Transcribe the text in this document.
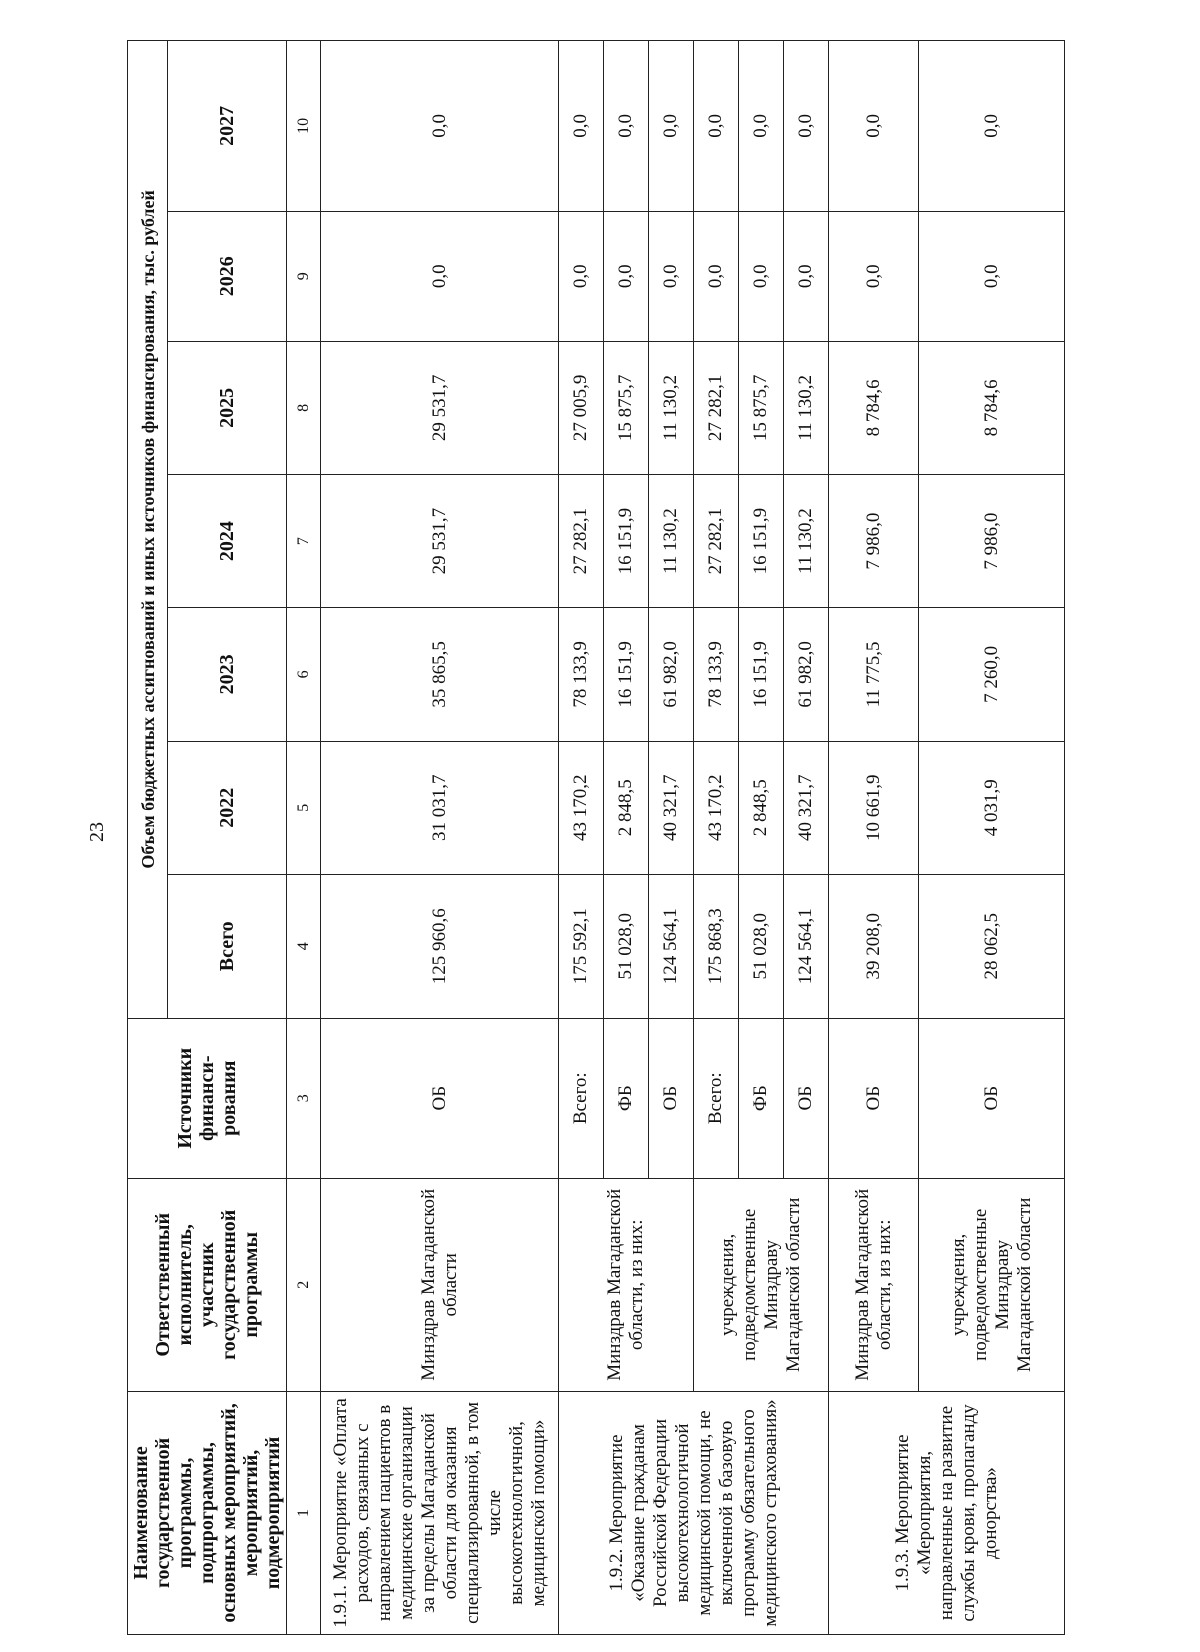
23
Наименование государственной программы, подпрограммы, основных мероприятий, мероприятий, подмероприятий	Ответственный исполнитель, участник государственной программы	Источники финанси-рования	Объем бюджетных ассигнований и иных источников финансирования, тыс. рублей						
			Всего	2022	2023	2024	2025	2026	2027
1	2	3	4	5	6	7	8	9	10
1.9.1. Мероприятие «Оплата расходов, связанных с направлением пациентов в медицинские организации за пределы Магаданской области для оказания специализированной, в том числе высокотехнологичной, медицинской помощи»	Минздрав Магаданской области	ОБ	125 960,6	31 031,7	35 865,5	29 531,7	29 531,7	0,0	0,0
1.9.2. Мероприятие «Оказание гражданам Российской Федерации высокотехнологичной медицинской помощи, не включенной в базовую программу обязательного медицинского страхования»	Минздрав Магаданской области, из них:	Всего:	175 592,1	43 170,2	78 133,9	27 282,1	27 005,9	0,0	0,0
		ФБ	51 028,0	2 848,5	16 151,9	16 151,9	15 875,7	0,0	0,0
		ОБ	124 564,1	40 321,7	61 982,0	11 130,2	11 130,2	0,0	0,0
	учреждения, подведомственные Минздраву Магаданской области	Всего:	175 868,3	43 170,2	78 133,9	27 282,1	27 282,1	0,0	0,0
		ФБ	51 028,0	2 848,5	16 151,9	16 151,9	15 875,7	0,0	0,0
		ОБ	124 564,1	40 321,7	61 982,0	11 130,2	11 130,2	0,0	0,0
1.9.3. Мероприятие «Мероприятия, направленные на развитие службы крови, пропаганду донорства»	Минздрав Магаданской области, из них:	ОБ	39 208,0	10 661,9	11 775,5	7 986,0	8 784,6	0,0	0,0
	учреждения, подведомственные Минздраву Магаданской области	ОБ	28 062,5	4 031,9	7 260,0	7 986,0	8 784,6	0,0	0,0
